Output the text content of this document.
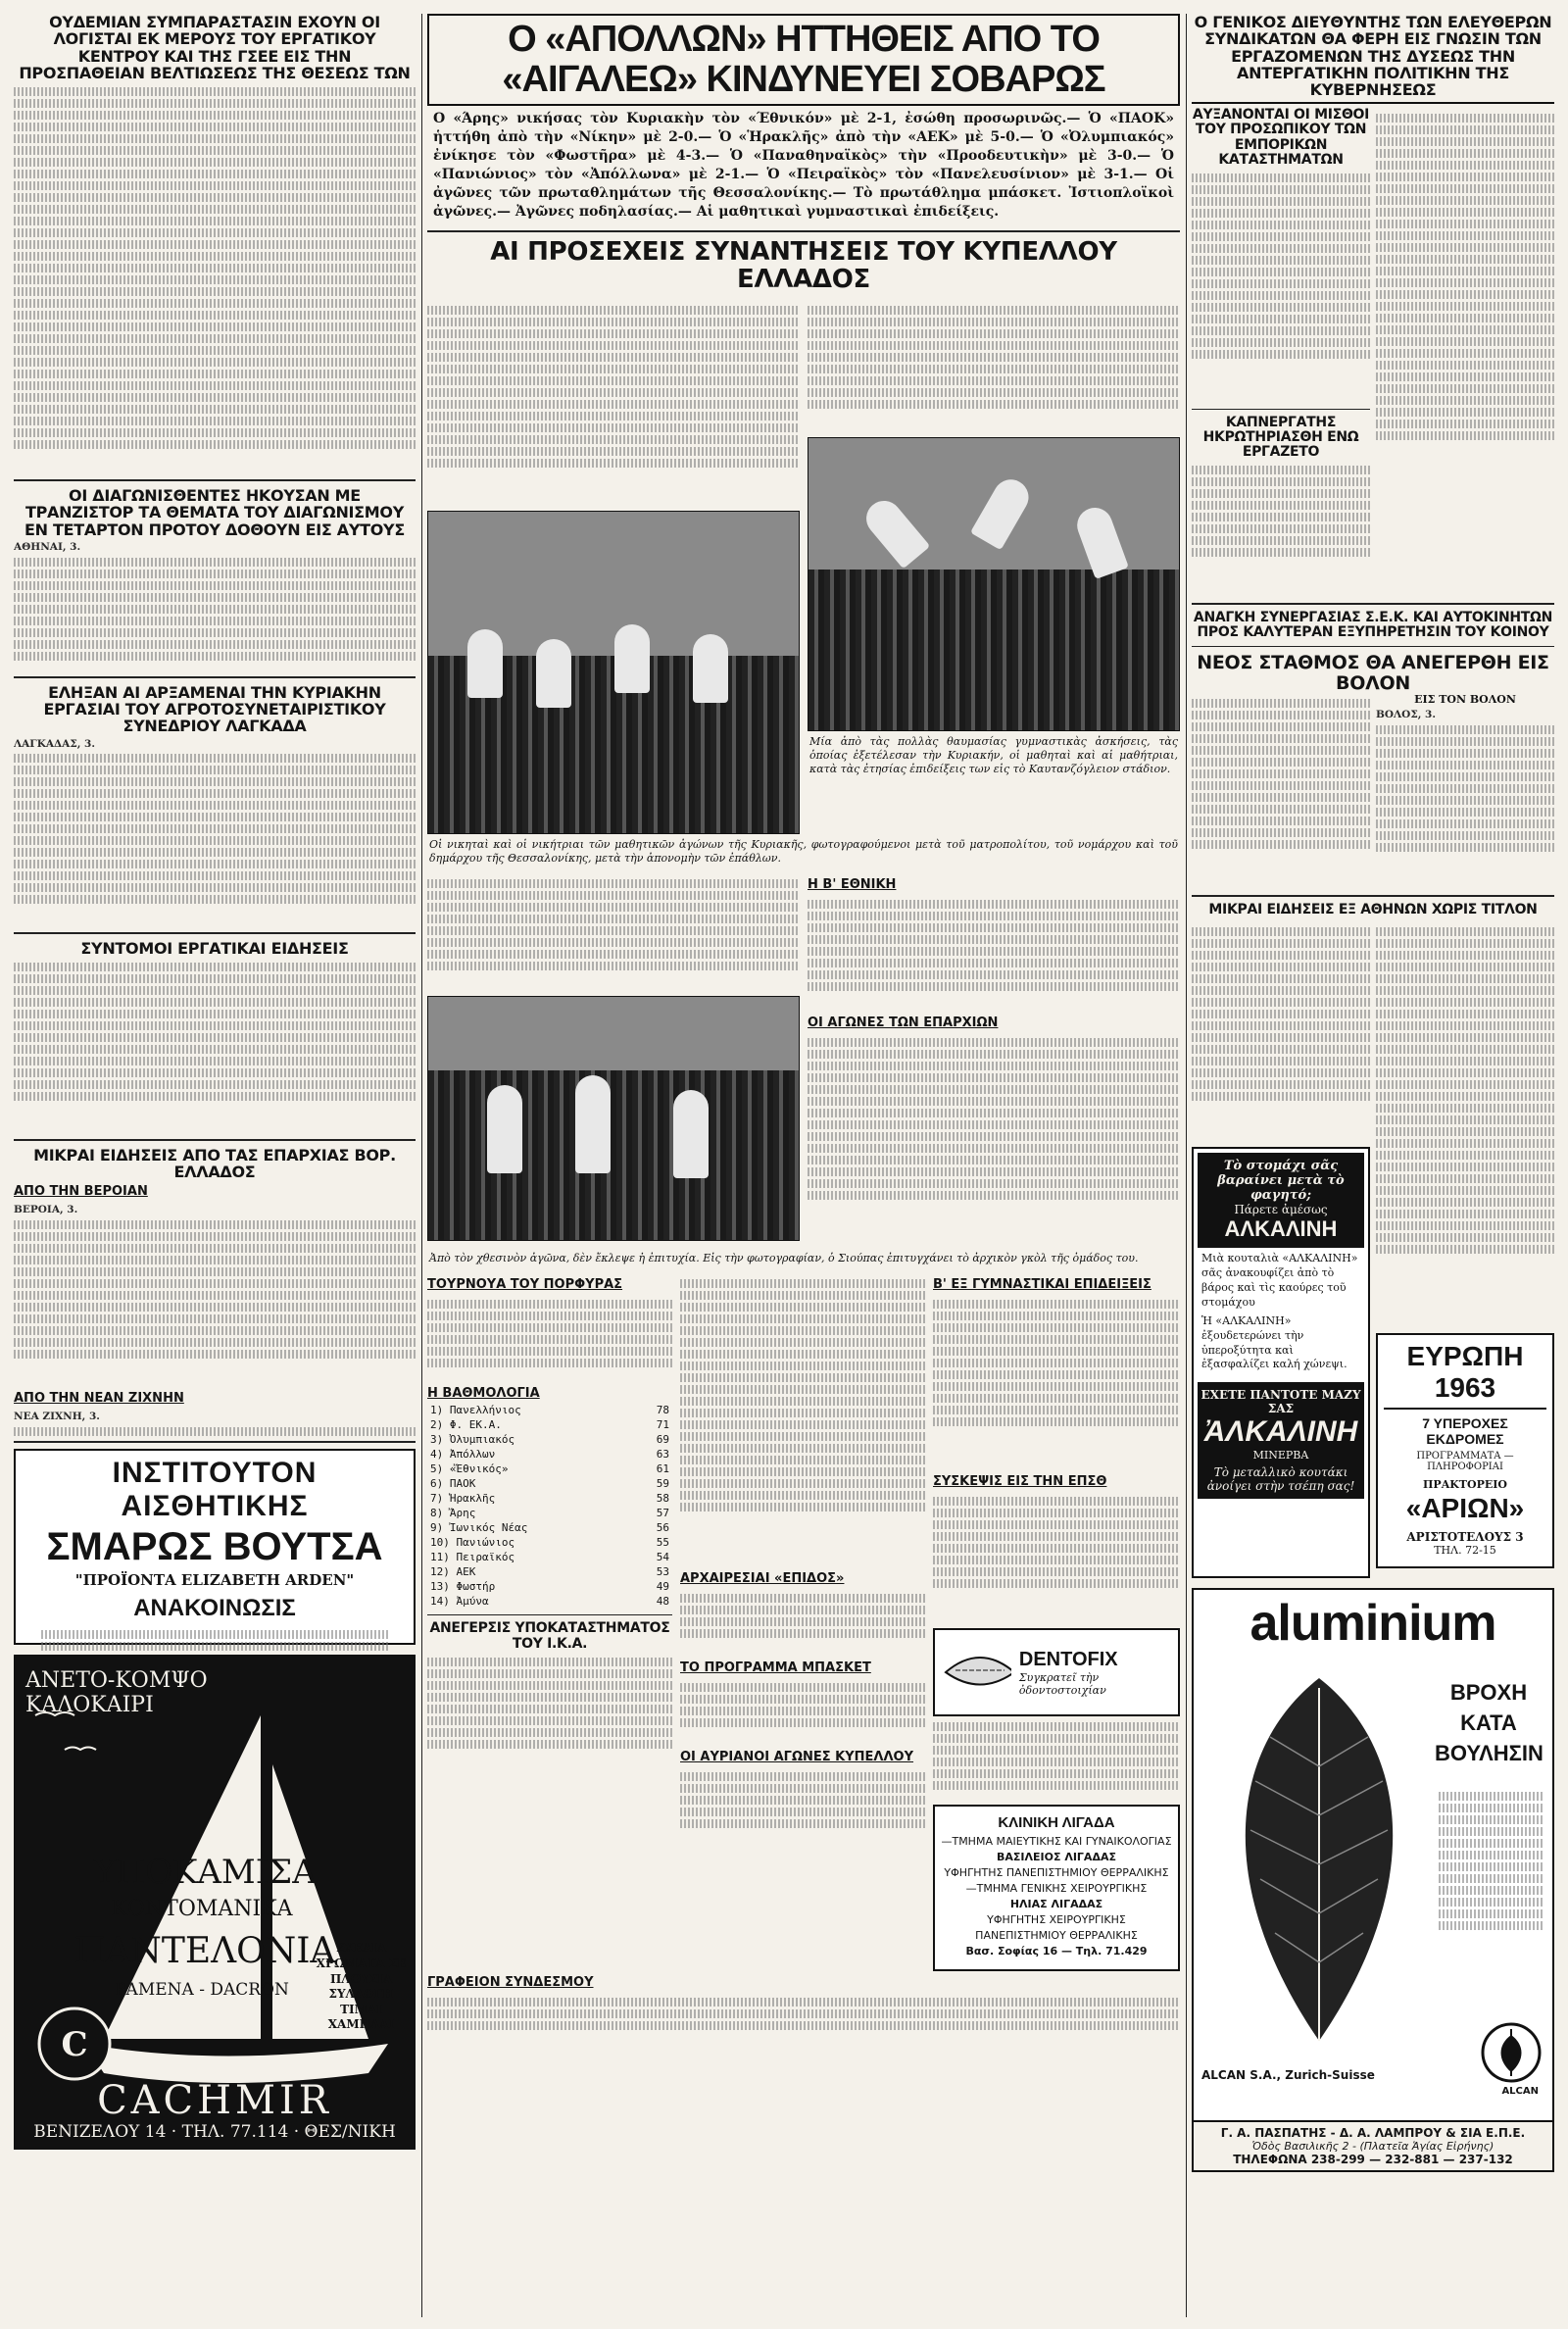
ΟΥΔΕΜΙΑΝ ΣΥΜΠΑΡΑΣΤΑΣΙΝ ΕΧΟΥΝ ΟΙ ΛΟΓΙΣΤΑΙ ΕΚ ΜΕΡΟΥΣ ΤΟΥ ΕΡΓΑΤΙΚΟΥ ΚΕΝΤΡΟΥ ΚΑΙ ΤΗΣ ΓΣΕΕ ΕΙΣ ΤΗΝ ΠΡΟΣΠΑΘΕΙΑΝ ΒΕΛΤΙΩΣΕΩΣ ΤΗΣ ΘΕΣΕΩΣ ΤΩΝ
ΟΙ ΔΙΑΓΩΝΙΣΘΕΝΤΕΣ ΗΚΟΥΣΑΝ ΜΕ ΤΡΑΝΖΙΣΤΟΡ ΤΑ ΘΕΜΑΤΑ ΤΟΥ ΔΙΑΓΩΝΙΣΜΟΥ ΕΝ ΤΕΤΑΡΤΟΝ ΠΡΟΤΟΥ ΔΟΘΟΥΝ ΕΙΣ ΑΥΤΟΥΣ
ΑΘΗΝΑΙ, 3.
ΕΛΗΞΑΝ ΑΙ ΑΡΞΑΜΕΝΑΙ ΤΗΝ ΚΥΡΙΑΚΗΝ ΕΡΓΑΣΙΑΙ ΤΟΥ ΑΓΡΟΤΟΣΥΝΕΤΑΙΡΙΣΤΙΚΟΥ ΣΥΝΕΔΡΙΟΥ ΛΑΓΚΑΔΑ
ΛΑΓΚΑΔΑΣ, 3.
ΣΥΝΤΟΜΟΙ ΕΡΓΑΤΙΚΑΙ ΕΙΔΗΣΕΙΣ
ΜΙΚΡΑΙ ΕΙΔΗΣΕΙΣ ΑΠΟ ΤΑΣ ΕΠΑΡΧΙΑΣ ΒΟΡ. ΕΛΛΑΔΟΣ
ΑΠΟ ΤΗΝ ΒΕΡΟΙΑΝ
ΒΕΡΟΙΑ, 3.
ΑΠΟ ΤΗΝ ΝΕΑΝ ΖΙΧΝΗΝ
ΝΕΑ ΖΙΧΝΗ, 3.
ΙΝΣΤΙΤΟΥΤΟΝ ΑΙΣΘΗΤΙΚΗΣ
ΣΜΑΡΩΣ ΒΟΥΤΣΑ
"ΠΡΟΪΟΝΤΑ ELIZABETH ARDEN"
ΑΝΑΚΟΙΝΩΣΙΣ
ΑΝΕΤΟ-ΚΟΜΨΟ ΚΑΛΟΚΑΙΡΙ
ΥΠΟΚΑΜΙΣΑ
ΚΟΝΤΟΜΑΝΙΚΑ
ΠΑΝΤΕΛΟΝΙΑ
ΡΑΜΕΝΑ - DACRON
ΣΧΕΔΙΑ ΧΡΩΜΑΤΑ ΣΕ ΠΛΟΥΣΙΑ ΣΥΛΛΟΓΗ ΤΙΜΑΙ ΧΑΜΗΛΑΙ
C
CACHMIR
ΒΕΝΙΖΕΛΟΥ 14 · ΤΗΛ. 77.114 · ΘΕΣ/ΝΙΚΗ
Ο «ΑΠΟΛΛΩΝ» ΗΤΤΗΘΕΙΣ ΑΠΟ ΤΟ «ΑΙΓΑΛΕΩ» ΚΙΝΔΥΝΕΥΕΙ ΣΟΒΑΡΩΣ
Ο «Άρης» νικήσας τὸν Κυριακὴν τὸν «Έθνικόν» μὲ 2-1, ἐσώθη προσωρινῶς.— Ὁ «ΠΑΟΚ» ἡττήθη ἀπὸ τὴν «Νίκην» μὲ 2-0.— Ὁ «Ἡρακλῆς» ἀπὸ τὴν «ΑΕΚ» μὲ 5-0.— Ὁ «Ὀλυμπιακός» ἐνίκησε τὸν «Φωστῆρα» μὲ 4-3.— Ὁ «Παναθηναϊκὸς» τὴν «Προοδευτικὴν» μὲ 3-0.— Ὁ «Πανιώνιος» τὸν «Ἀπόλλωνα» μὲ 2-1.— Ὁ «Πειραϊκὸς» τὸν «Πανελευσίνιον» μὲ 3-1.— Οἱ ἀγῶνες τῶν πρωταθλημάτων τῆς Θεσσαλονίκης.— Τὸ πρωτάθλημα μπάσκετ. Ἰστιοπλοϊκοὶ ἀγῶνες.— Ἀγῶνες ποδηλασίας.— Αἱ μαθητικαὶ γυμναστικαὶ ἐπιδείξεις.
ΑΙ ΠΡΟΣΕΧΕΙΣ ΣΥΝΑΝΤΗΣΕΙΣ ΤΟΥ ΚΥΠΕΛΛΟΥ ΕΛΛΑΔΟΣ
Μία ἀπὸ τὰς πολλὰς θαυμασίας γυμναστικὰς ἀσκήσεις, τὰς ὁποίας ἐξετέλεσαν τὴν Κυριακήν, οἱ μαθηταὶ καὶ αἱ μαθήτριαι, κατὰ τὰς ἐτησίας ἐπιδείξεις των εἰς τὸ Καυτανζόγλειον στάδιον.
Οἱ νικηταὶ καὶ οἱ νικήτριαι τῶν μαθητικῶν ἀγώνων τῆς Κυριακῆς, φωτογραφούμενοι μετὰ τοῦ ματροπολίτου, τοῦ νομάρχου καὶ τοῦ δημάρχου τῆς Θεσσαλονίκης, μετὰ τὴν ἀπονομὴν τῶν ἐπάθλων.
Η Β' ΕΘΝΙΚΗ
ΟΙ ΑΓΩΝΕΣ ΤΩΝ ΕΠΑΡΧΙΩΝ
Ἀπὸ τὸν χθεσινὸν ἀγῶνα, δὲν ἔκλεψε ἡ ἐπιτυχία. Εἰς τὴν φωτογραφίαν, ὁ Σιούπας ἐπιτυγχάνει τὸ ἀρχικὸν γκὸλ τῆς ὁμάδος του.
ΤΟΥΡΝΟΥΑ ΤΟΥ ΠΟΡΦΥΡΑΣ
Η ΒΑΘΜΟΛΟΓΙΑ
1) Πανελλήνιος	78
2) Φ. ΕΚ.Α.	71
3) Ὀλυμπιακός	69
4) Ἀπόλλων	63
5) «Ἔθνικός»	61
6) ΠΑΟΚ	59
7) Ἡρακλῆς	58
8) Ἄρης	57
9) Ἰωνικός Νέας	56
10) Πανιώνιος	55
11) Πειραϊκός	54
12) ΑΕΚ	53
13) Φωστήρ	49
14) Ἀμύνα	48
ΑΝΕΓΕΡΣΙΣ ΥΠΟΚΑΤΑΣΤΗΜΑΤΟΣ ΤΟΥ Ι.Κ.Α.
ΑΡΧΑΙΡΕΣΙΑΙ «ΕΠΙΔΟΣ»
ΤΟ ΠΡΟΓΡΑΜΜΑ ΜΠΑΣΚΕΤ
ΟΙ ΑΥΡΙΑΝΟΙ ΑΓΩΝΕΣ ΚΥΠΕΛΛΟΥ
Β' ΕΞ ΓΥΜΝΑΣΤΙΚΑΙ ΕΠΙΔΕΙΞΕΙΣ
ΣΥΣΚΕΨΙΣ ΕΙΣ ΤΗΝ ΕΠΣΘ
DENTOFIX
Συγκρατεῖ τὴν ὀδοντοστοιχίαν
ΚΛΙΝΙΚΗ ΛΙΓΑΔΑ
—ΤΜΗΜΑ ΜΑΙΕΥΤΙΚΗΣ ΚΑΙ ΓΥΝΑΙΚΟΛΟΓΙΑΣ
ΒΑΣΙΛΕΙΟΣ ΛΙΓΑΔΑΣ
ΥΦΗΓΗΤΗΣ ΠΑΝΕΠΙΣΤΗΜΙΟΥ ΘΕΡΡΑΛΙΚΗΣ
—ΤΜΗΜΑ ΓΕΝΙΚΗΣ ΧΕΙΡΟΥΡΓΙΚΗΣ
ΗΛΙΑΣ ΛΙΓΑΔΑΣ
ΥΦΗΓΗΤΗΣ ΧΕΙΡΟΥΡΓΙΚΗΣ ΠΑΝΕΠΙΣΤΗΜΙΟΥ ΘΕΡΡΑΛΙΚΗΣ
Βασ. Σοφίας 16 — Τηλ. 71.429
ΓΡΑΦΕΙΟΝ ΣΥΝΔΕΣΜΟΥ
Ο ΓΕΝΙΚΟΣ ΔΙΕΥΘΥΝΤΗΣ ΤΩΝ ΕΛΕΥΘΕΡΩΝ ΣΥΝΔΙΚΑΤΩΝ ΘΑ ΦΕΡΗ ΕΙΣ ΓΝΩΣΙΝ ΤΩΝ ΕΡΓΑΖΟΜΕΝΩΝ ΤΗΣ ΔΥΣΕΩΣ ΤΗΝ ΑΝΤΕΡΓΑΤΙΚΗΝ ΠΟΛΙΤΙΚΗΝ ΤΗΣ ΚΥΒΕΡΝΗΣΕΩΣ
ΑΥΞΑΝΟΝΤΑΙ ΟΙ ΜΙΣΘΟΙ ΤΟΥ ΠΡΟΣΩΠΙΚΟΥ ΤΩΝ ΕΜΠΟΡΙΚΩΝ ΚΑΤΑΣΤΗΜΑΤΩΝ
ΚΑΠΝΕΡΓΑΤΗΣ ΗΚΡΩΤΗΡΙΑΣΘΗ ΕΝΩ ΕΡΓΑΖΕΤΟ
ΑΝΑΓΚΗ ΣΥΝΕΡΓΑΣΙΑΣ Σ.Ε.Κ. ΚΑΙ ΑΥΤΟΚΙΝΗΤΩΝ ΠΡΟΣ ΚΑΛΥΤΕΡΑΝ ΕΞΥΠΗΡΕΤΗΣΙΝ ΤΟΥ ΚΟΙΝΟΥ
ΝΕΟΣ ΣΤΑΘΜΟΣ ΘΑ ΑΝΕΓΕΡΘΗ ΕΙΣ ΒΟΛΟΝ
ΕΙΣ ΤΟΝ ΒΟΛΟΝ
ΒΟΛΟΣ, 3.
ΜΙΚΡΑΙ ΕΙΔΗΣΕΙΣ ΕΞ ΑΘΗΝΩΝ ΧΩΡΙΣ ΤΙΤΛΟΝ
Τὸ στομάχι σᾶς βαραίνει μετὰ τὸ φαγητό;
Πάρετε ἀμέσως
ΑΛΚΑΛΙΝΗ
Μιὰ κουταλιὰ «ΑΛΚΑΛΙΝΗ» σᾶς ἀνακουφίζει ἀπὸ τὸ βάρος καὶ τὶς καούρες τοῦ στομάχου
Ἡ «ΑΛΚΑΛΙΝΗ» ἐξουδετερώνει τὴν ὑπεροξύτητα καὶ ἐξασφαλίζει καλή χώνεψι.
ΕΧΕΤΕ ΠΑΝΤΟΤΕ ΜΑΖΥ ΣΑΣ
ἈΛΚΑΛΙΝΗ
ΜΙΝΕΡΒΑ
Τὸ μεταλλικὸ κουτάκι ἀνοίγει στὴν τσέπη σας!
ΕΥΡΩΠΗ 1963
7 ΥΠΕΡΟΧΕΣ ΕΚΔΡΟΜΕΣ
ΠΡΟΓΡΑΜΜΑΤΑ — ΠΛΗΡΟΦΟΡΙΑΙ
ΠΡΑΚΤΟΡΕΙΟ
«ΑΡΙΩΝ»
ΑΡΙΣΤΟΤΕΛΟΥΣ 3
ΤΗΛ. 72-15
aluminium
ΒΡΟΧΗ
ΚΑΤΑ
ΒΟΥΛΗΣΙΝ
ALCAN S.A., Zurich-Suisse
ALCAN
Γ. Α. ΠΑΣΠΑΤΗΣ - Δ. Α. ΛΑΜΠΡΟΥ & ΣΙΑ Ε.Π.Ε.
Ὁδὸς Βασιλικῆς 2 - (Πλατεῖα Ἁγίας Εἰρήνης)
ΤΗΛΕΦΩΝΑ 238-299 — 232-881 — 237-132
